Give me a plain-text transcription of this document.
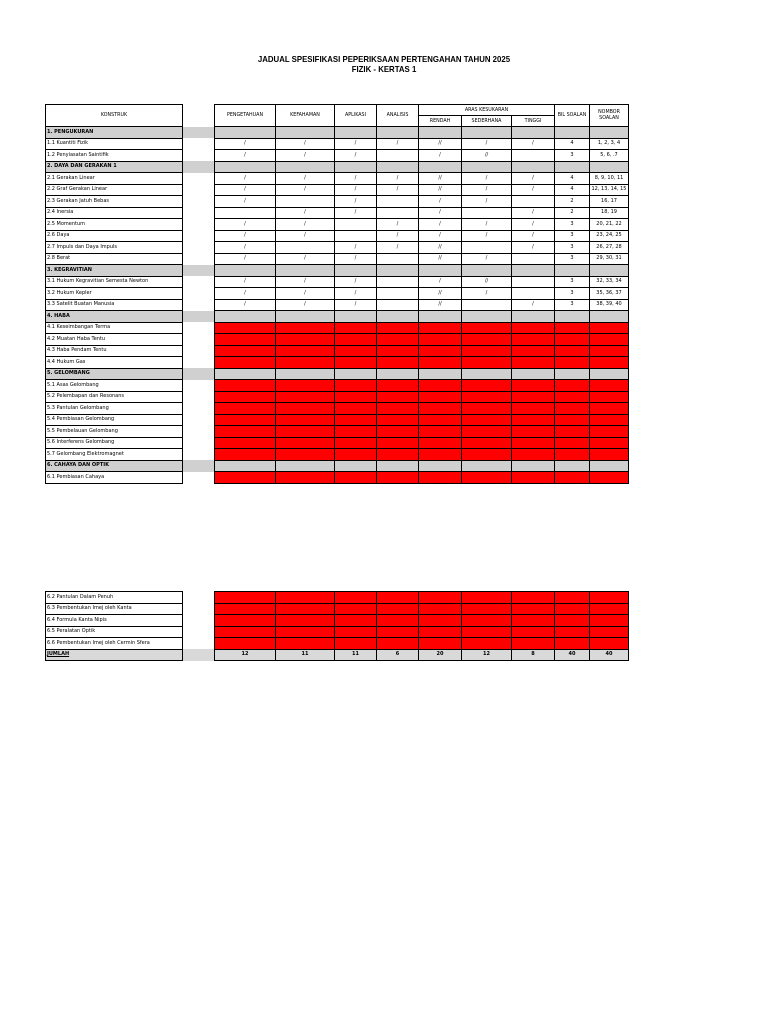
JADUAL SPESIFIKASI PEPERIKSAAN PERTENGAHAN TAHUN 2025
FIZIK - KERTAS 1
KONSTRUK		PENGETAHUAN	KEFAHAMAN	APLIKASI	ANALISIS	ARAS KESUKARAN			BIL SOALAN	NOMBOR SOALAN
						RENDAH	SEDERHANA	TINGGI		
1. PENGUKURAN										
1.1 Kuantiti Fizik		/	/	/	/	//	/	/	4	1, 2, 3, 4
1.2 Penyiasatan Saintifik		/	/	/		/	//		3	5, 6, .7
2. DAYA DAN GERAKAN 1										
2.1 Gerakan Linear		/	/	/	/	//	/	/	4	8, 9, 10, 11
2.2 Graf Gerakan Linear		/	/	/	/	//	/	/	4	12, 13, 14, 15
2.3 Gerakan Jatuh Bebas		/		/		/	/		2	16, 17
2.4 Inersia			/	/		/		/	2	18, 19
2.5 Momentum		/	/		/	/	/	/	3	20, 21, 22
2.6 Daya		/	/		/	/	/	/	3	23, 24, 25
2.7 Impuls dan Daya Impuls		/		/	/	//		/	3	26, 27, 28
2.8 Berat		/	/	/		//	/		3	29, 30, 31
3. KEGRAVITIAN										
3.1 Hukum Kegravitian Semesta Newton		/	/	/		/	//		3	32, 33, 34
3.2 Hukum Kepler		/	/	/		//	/		3	35, 36, 37
3.3 Satelit Buatan Manusia		/	/	/		//		/	3	38, 39, 40
4. HABA										
4.1 Keseimbangan Terma										
4.2 Muatan Haba Tentu										
4.3 Haba Pendam Tentu										
4.4 Hukum Gas										
5. GELOMBANG										
5.1 Asas Gelombang										
5.2 Pelembapan dan Resonans										
5.3 Pantulan Gelombang										
5.4 Pembiasan Gelombang										
5.5 Pembelauan Gelombang										
5.6 Interferens Gelombang										
5.7 Gelombang Elektromagnet										
6. CAHAYA DAN OPTIK										
6.1 Pembiasan Cahaya										
6.2 Pantulan Dalam Penuh										
6.3 Pembentukan Imej oleh Kanta										
6.4 Formula Kanta Nipis										
6.5 Peralatan Optik										
6.6 Pembentukan Imej oleh Cermin Sfera										
JUMLAH		12	11	11	6	20	12	8	40	40
